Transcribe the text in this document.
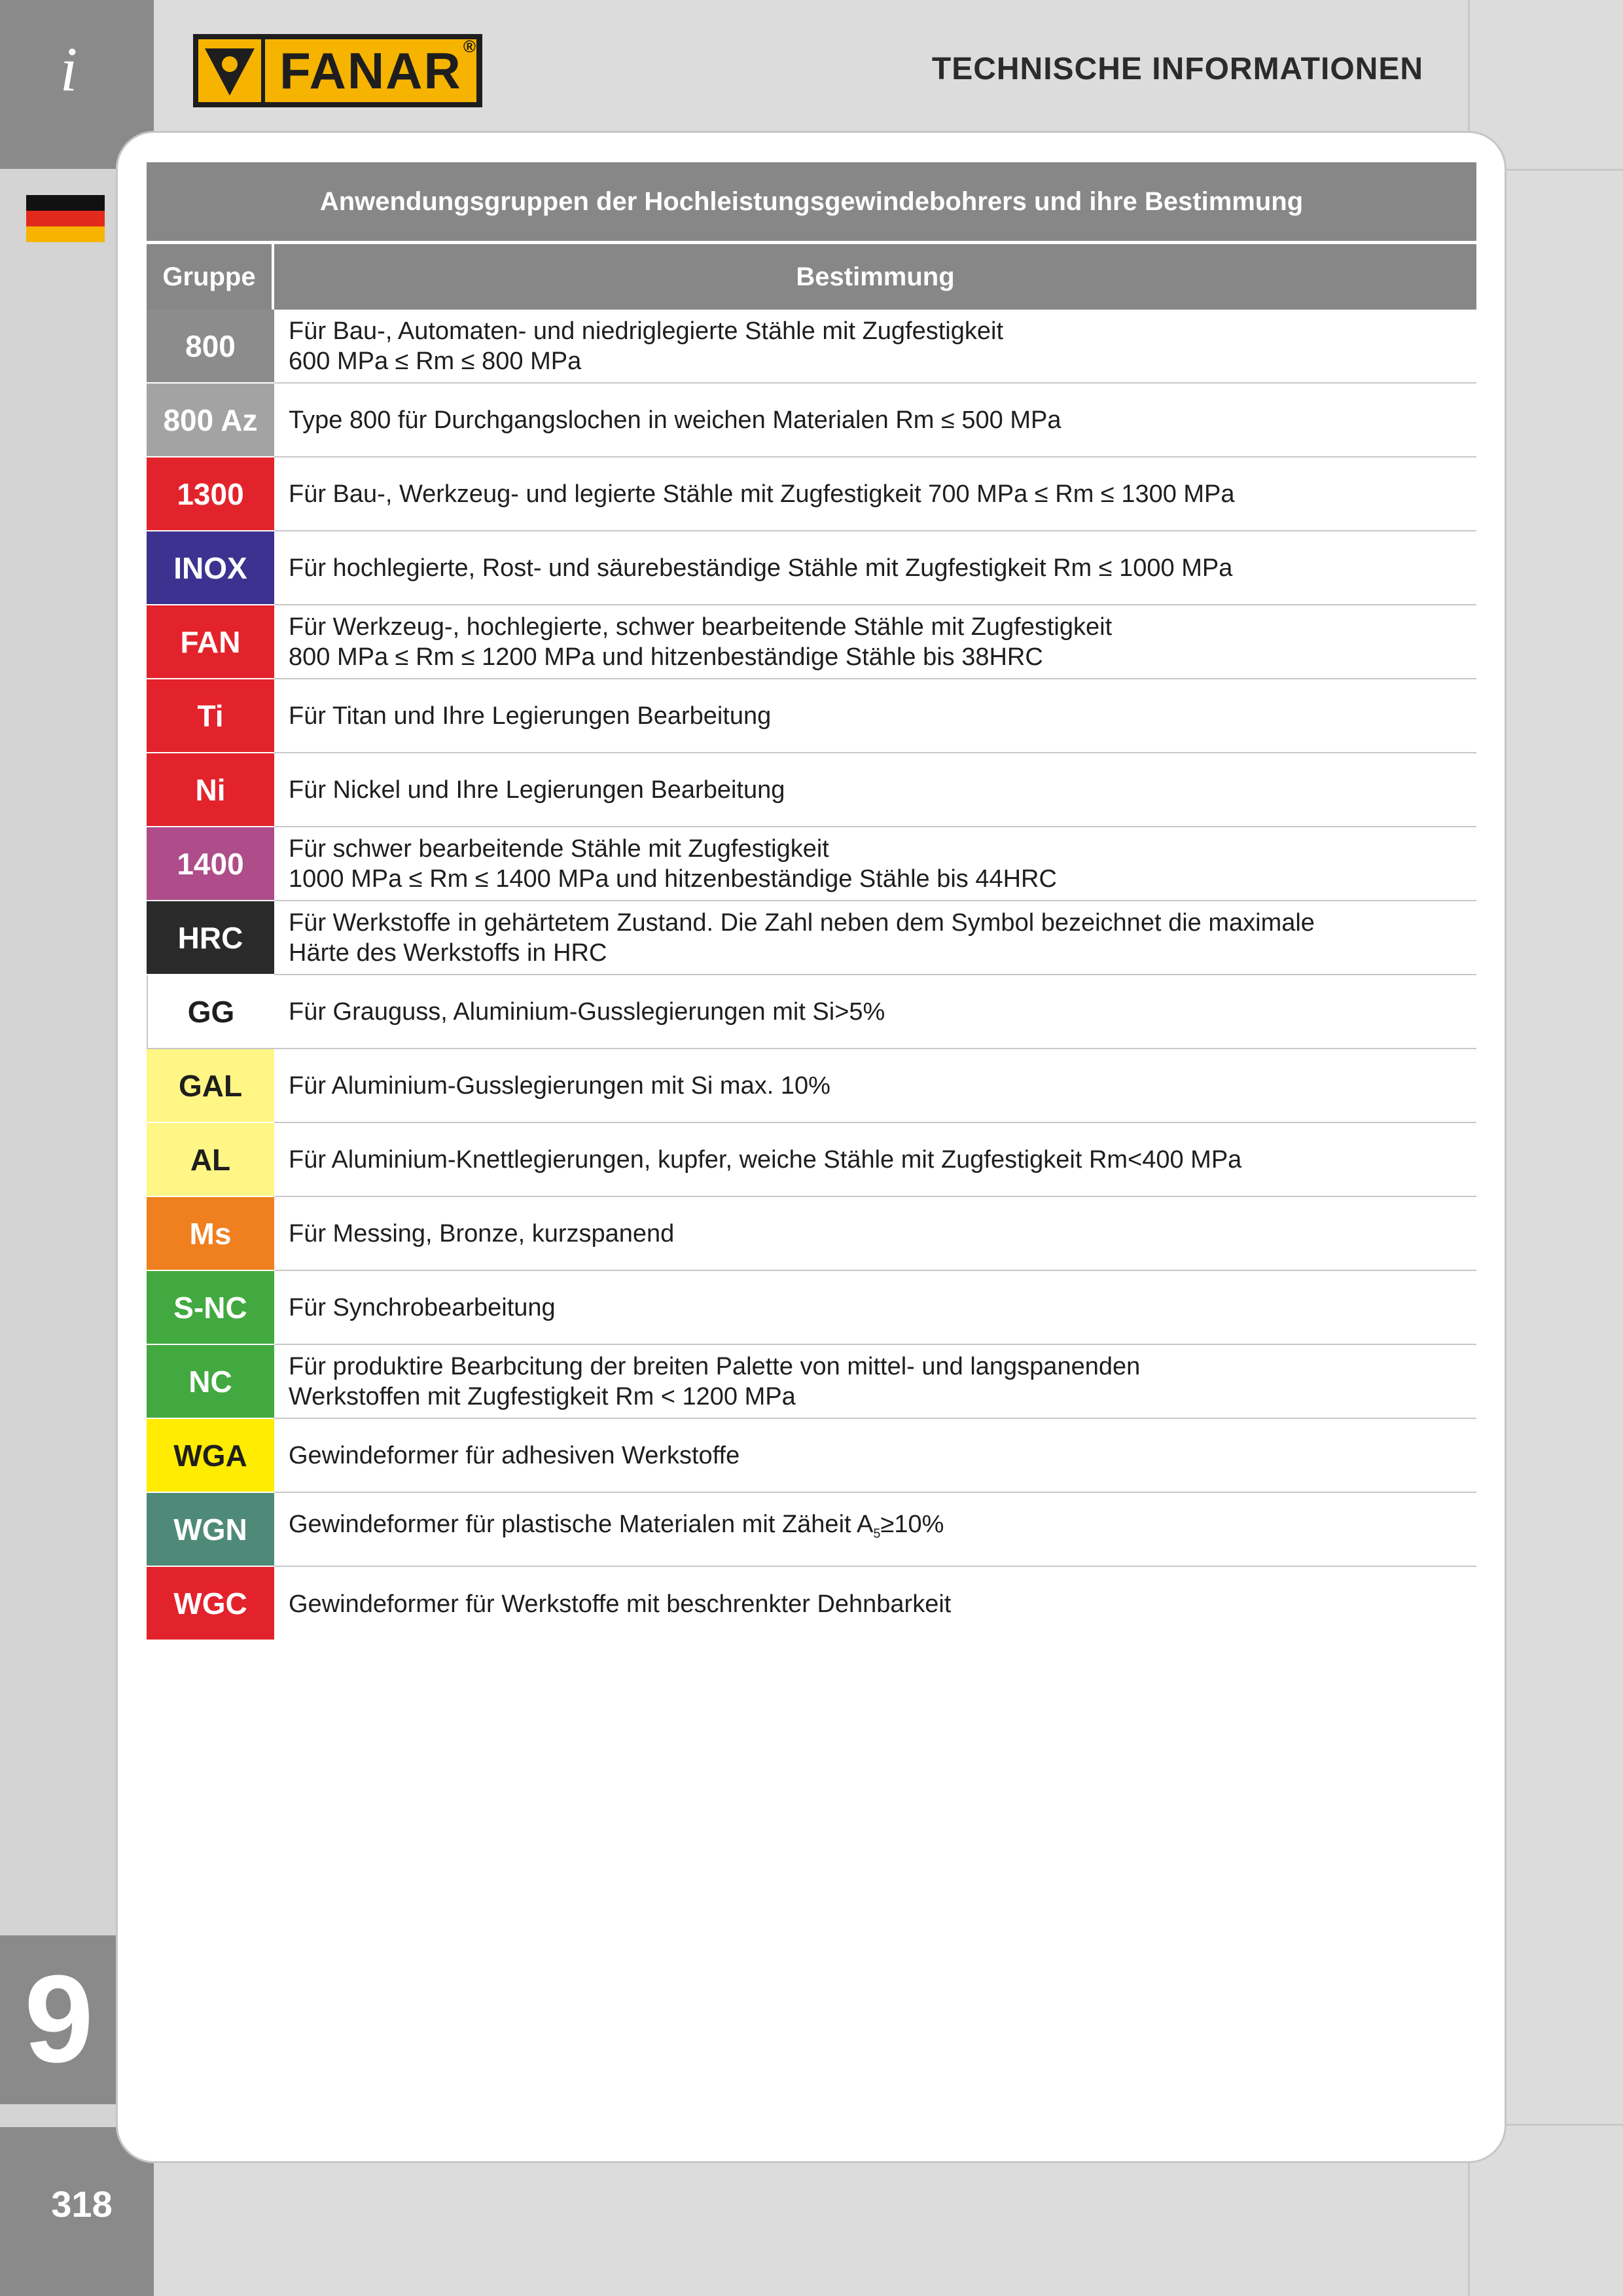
i
9
318
FANAR ®
TECHNISCHE INFORMATIONEN
Anwendungsgruppen der Hochleistungsgewindebohrers und ihre Bestimmung
Gruppe	Bestimmung
800	Für Bau-, Automaten- und niedriglegierte Stähle mit Zugfestigkeit
600 MPa ≤ Rm ≤ 800 MPa
800 Az	Type 800 für Durchgangslochen in weichen Materialen Rm ≤ 500 MPa
1300	Für Bau-, Werkzeug- und legierte Stähle mit Zugfestigkeit 700 MPa ≤ Rm ≤ 1300 MPa
INOX	Für hochlegierte, Rost- und säurebeständige Stähle mit Zugfestigkeit Rm ≤ 1000 MPa
FAN	Für Werkzeug-, hochlegierte, schwer bearbeitende Stähle mit Zugfestigkeit
800 MPa ≤ Rm ≤ 1200 MPa und hitzenbeständige Stähle bis 38HRC
Ti	Für Titan und Ihre Legierungen Bearbeitung
Ni	Für Nickel und Ihre Legierungen Bearbeitung
1400	Für schwer bearbeitende Stähle mit Zugfestigkeit
1000 MPa ≤ Rm ≤ 1400 MPa und hitzenbeständige Stähle bis 44HRC
HRC	Für Werkstoffe in gehärtetem Zustand. Die Zahl neben dem Symbol bezeichnet die maximale
Härte des Werkstoffs in HRC
GG	Für Grauguss, Aluminium-Gusslegierungen mit Si>5%
GAL	Für Aluminium-Gusslegierungen mit Si max. 10%
AL	Für Aluminium-Knettlegierungen, kupfer, weiche Stähle mit Zugfestigkeit Rm<400 MPa
Ms	Für Messing, Bronze, kurzspanend
S-NC	Für Synchrobearbeitung
NC	Für produktire Bearbcitung der breiten Palette von mittel- und langspanenden
Werkstoffen mit Zugfestigkeit Rm < 1200 MPa
WGA	Gewindeformer für adhesiven Werkstoffe
WGN	Gewindeformer für plastische Materialen mit Zäheit $A_5\ge 10\%$
WGC	Gewindeformer für Werkstoffe mit beschrenkter Dehnbarkeit
